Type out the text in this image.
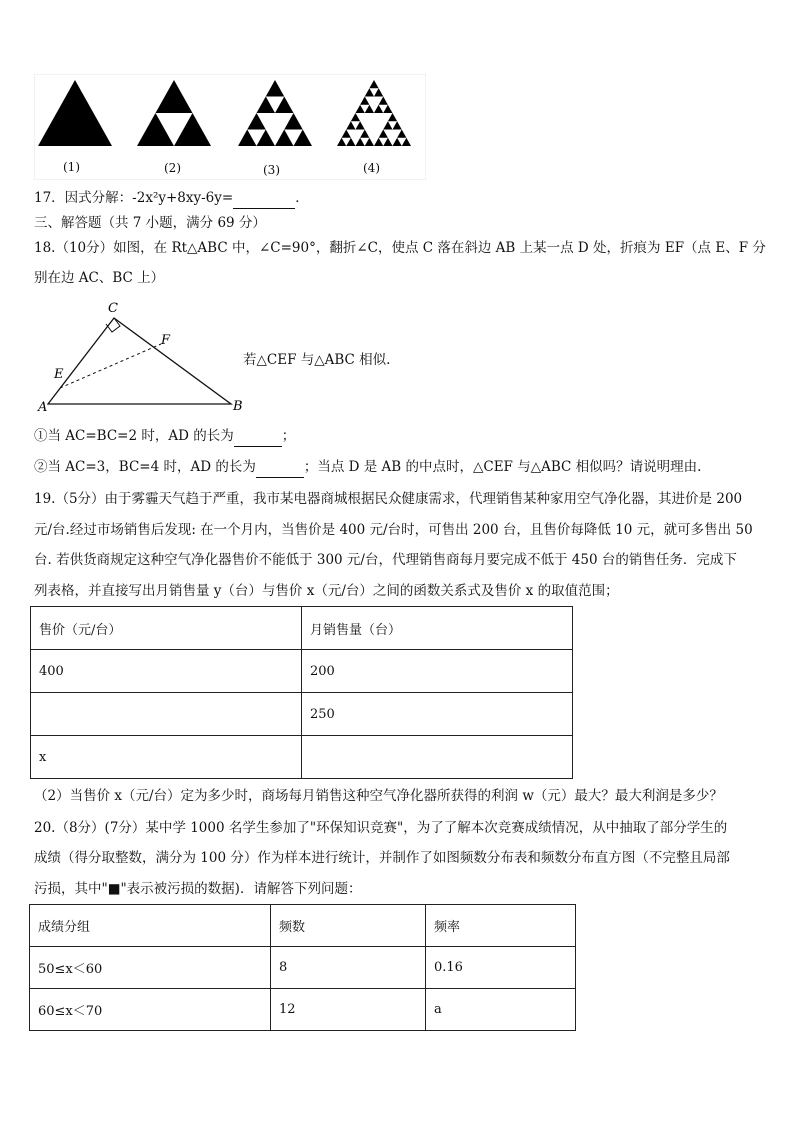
(1)	(2)	(3)	(4)
17．因式分解：-2x²y+8xy-6y=	．
三、解答题（共 7 小题，满分 69 分）
18.（10分）如图，在 Rt△ABC 中，∠C=90°，翻折∠C，使点 C 落在斜边 AB 上某一点 D 处，折痕为 EF（点 E、F 分
别在边 AC、BC 上）
C
F
E
A	B
若△CEF 与△ABC 相似.
①当 AC=BC=2 时，AD 的长为	；
②当 AC=3，BC=4 时，AD 的长为	；当点 D 是 AB 的中点时，△CEF 与△ABC 相似吗？请说明理由.
19.（5分）由于雾霾天气趋于严重，我市某电器商城根据民众健康需求，代理销售某种家用空气净化器，其进价是 200
元/台.经过市场销售后发现: 在一个月内，当售价是 400 元/台时，可售出 200 台，且售价每降低 10 元，就可多售出 50
台. 若供货商规定这种空气净化器售价不能低于 300 元/台，代理销售商每月要完成不低于 450 台的销售任务．完成下
列表格，并直接写出月销售量 y（台）与售价 x（元/台）之间的函数关系式及售价 x 的取值范围；
售价（元/台）	月销售量（台）
400	200
	250
x	
（2）当售价 x（元/台）定为多少时，商场每月销售这种空气净化器所获得的利润 w（元）最大？最大利润是多少？
20.（8分）(7分）某中学 1000 名学生参加了"环保知识竞赛"，为了了解本次竞赛成绩情况，从中抽取了部分学生的
成绩（得分取整数，满分为 100 分）作为样本进行统计，并制作了如图频数分布表和频数分布直方图（不完整且局部
污损，其中"■"表示被污损的数据)．请解答下列问题：
成绩分组	频数	频率
50≤x＜60	8	0.16
60≤x＜70	12	a
